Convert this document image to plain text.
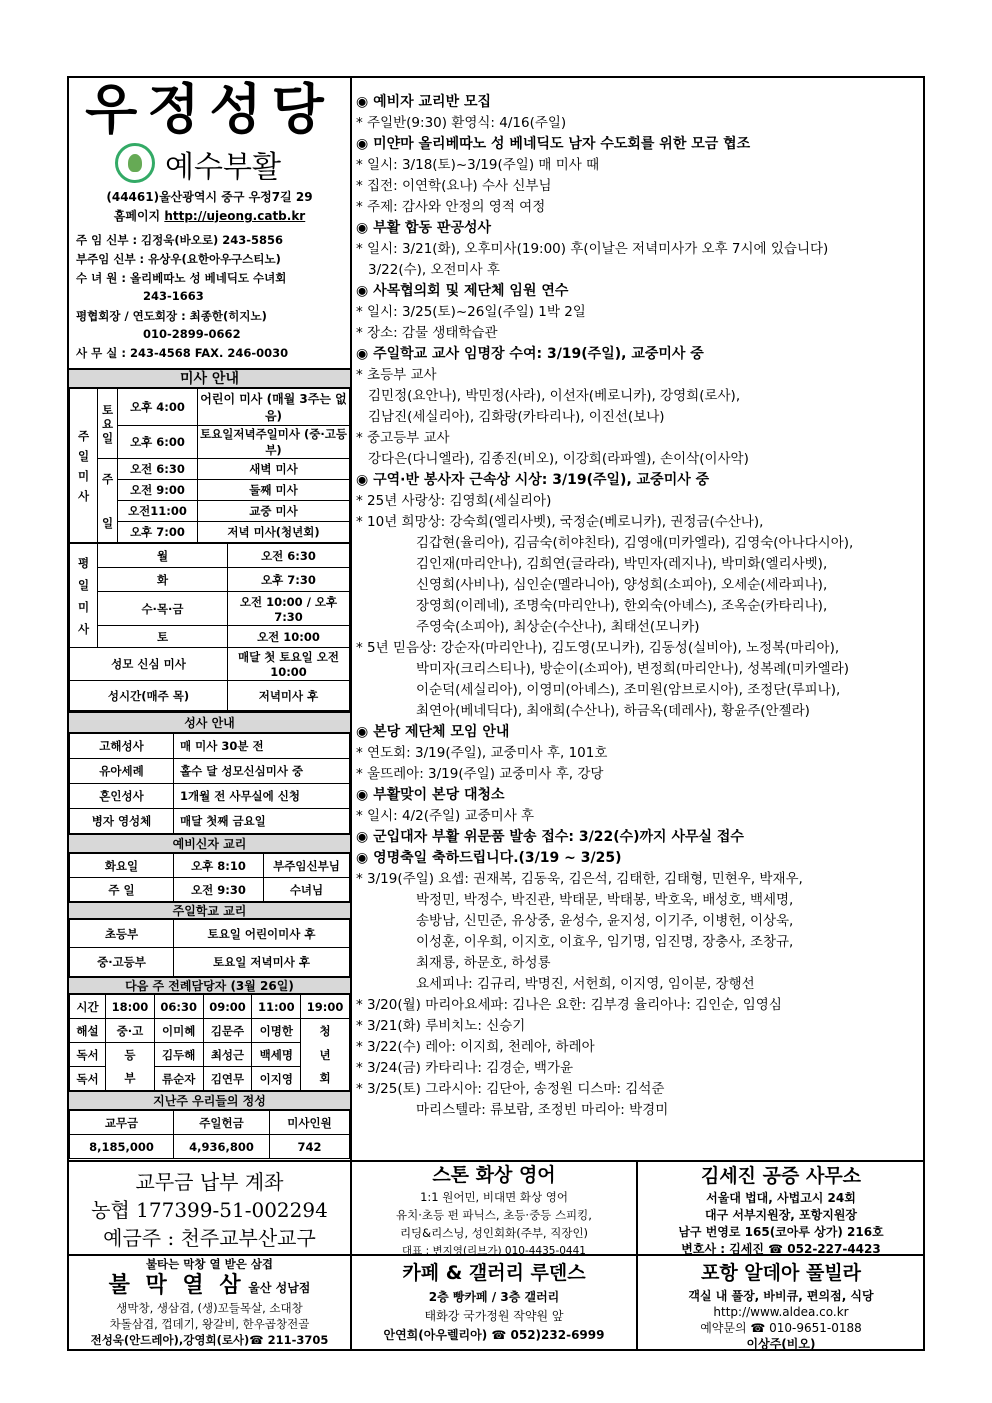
우정성당
예수부활
(44461)울산광역시 중구 우정7길 29
홈페이지 http://ujeong.catb.kr
주 임 신부 : 김정욱(바오로) 243-5856
부주임 신부 : 유상우(요한아우구스티노)
수 녀 원 : 올리베따노 성 베네딕도 수녀회
243-1663
평협회장 / 연도회장 : 최종한(히지노)
010-2899-0662
사 무 실 : 243-4568 FAX. 246-0030
미사 안내
주
일
미
사	토
요
일	오후 4:00	어린이 미사 (매월 3주는 없음)
		오후 6:00	토요일저녁주일미사 (중·고등부)
	주

일	오전 6:30	새벽 미사
		오전 9:00	둘째 미사
		오전11:00	교중 미사
		오후 7:00	저녁 미사(청년회)
평
일
미
사	월	오전 6:30
	화	오후 7:30
	수·목·금	오전 10:00 / 오후 7:30
	토	오전 10:00
성모 신심 미사	매달 첫 토요일 오전 10:00
성시간(매주 목)	저녁미사 후
성사 안내
고해성사	매 미사 30분 전
유아세례	홀수 달 성모신심미사 중
혼인성사	1개월 전 사무실에 신청
병자 영성체	매달 첫째 금요일
예비신자 교리
화요일	오후 8:10	부주임신부님
주 일	오전 9:30	수녀님
주일학교 교리
초등부	토요일 어린이미사 후
중·고등부	토요일 저녁미사 후
다음 주 전례담당자 (3월 26일)
시간	18:00	06:30	09:00	11:00	19:00
해설	중·고	이미혜	김문주	이명한	청
독서	등	김두해	최성근	백세명	년
독서	부	류순자	김연무	이지영	회
지난주 우리들의 정성
교무금	주일헌금	미사인원
8,185,000	4,936,800	742
◉ 예비자 교리반 모집
* 주일반(9:30) 환영식: 4/16(주일)
◉ 미얀마 올리베따노 성 베네딕도 남자 수도회를 위한 모금 협조
* 일시: 3/18(토)~3/19(주일) 매 미사 때
* 집전: 이연학(요나) 수사 신부님
* 주제: 감사와 안정의 영적 여정
◉ 부활 합동 판공성사
* 일시: 3/21(화), 오후미사(19:00) 후(이날은 저녁미사가 오후 7시에 있습니다)
3/22(수), 오전미사 후
◉ 사목협의회 및 제단체 임원 연수
* 일시: 3/25(토)~26일(주일) 1박 2일
* 장소: 감물 생태학습관
◉ 주일학교 교사 임명장 수여: 3/19(주일), 교중미사 중
* 초등부 교사
김민정(요안나), 박민정(사라), 이선자(베로니카), 강영희(로사),
김남진(세실리아), 김화랑(카타리나), 이진선(보나)
* 중고등부 교사
강다은(다니엘라), 김종진(비오), 이강희(라파엘), 손이삭(이사악)
◉ 구역·반 봉사자 근속상 시상: 3/19(주일), 교중미사 중
* 25년 사랑상: 김영희(세실리아)
* 10년 희망상: 강숙희(엘리사벳), 국정순(베로니카), 권정금(수산나),
김갑현(율리아), 김금숙(히야친타), 김영애(미카엘라), 김영숙(아나다시아),
김인재(마리안나), 김희연(글라라), 박민자(레지나), 박미화(엘리사벳),
신영희(사비나), 심인순(멜라니아), 양성희(소피아), 오세순(세라피나),
장영희(이레네), 조명숙(마리안나), 한외숙(아녜스), 조옥순(카타리나),
주영숙(소피아), 최상순(수산나), 최태선(모니카)
* 5년 믿음상: 강순자(마리안나), 김도영(모니카), 김동성(실비아), 노정복(마리아),
박미자(크리스티나), 방순이(소피아), 변정희(마리안나), 성복례(미카엘라)
이순덕(세실리아), 이영미(아녜스), 조미원(암브로시아), 조정단(루피나),
최연아(베네딕다), 최애희(수산나), 하금옥(데레사), 황윤주(안젤라)
◉ 본당 제단체 모임 안내
* 연도회: 3/19(주일), 교중미사 후, 101호
* 울뜨레아: 3/19(주일) 교중미사 후, 강당
◉ 부활맞이 본당 대청소
* 일시: 4/2(주일) 교중미사 후
◉ 군입대자 부활 위문품 발송 접수: 3/22(수)까지 사무실 접수
◉ 영명축일 축하드립니다.(3/19 ~ 3/25)
* 3/19(주일) 요셉: 권재복, 김동욱, 김은석, 김태한, 김태형, 민현우, 박재우,
박정민, 박정수, 박진관, 박태문, 박태봉, 박호욱, 배성호, 백세명,
송방남, 신민준, 유상중, 윤성수, 윤지성, 이기주, 이병헌, 이상욱,
이성훈, 이우희, 이지호, 이효우, 임기명, 임진명, 장충사, 조창규,
최재룡, 하문호, 하성룡
요세피나: 김규리, 박명진, 서헌희, 이지영, 임이분, 장행선
* 3/20(월) 마리아요세파: 김나은 요한: 김부경 율리아나: 김인순, 임영심
* 3/21(화) 루비치노: 신승기
* 3/22(수) 레아: 이지희, 천레아, 하레아
* 3/24(금) 카타리나: 김경순, 백가윤
* 3/25(토) 그라시아: 김단아, 송정원 디스마: 김석준
마리스텔라: 류보람, 조정빈 마리아: 박경미
교무금 납부 계좌
농협 177399-51-002294
예금주 : 천주교부산교구
스톤 화상 영어
1:1 원어민, 비대면 화상 영어
유치·초등 펀 파닉스, 초등·중등 스피킹,
리딩&리스닝, 성인회화(주부, 직장인)
대표 : 변지영(리브가) 010-4435-0441
김세진 공증 사무소
서울대 법대, 사법고시 24회
대구 서부지원장, 포항지원장
남구 번영로 165(코아루 상가) 216호
변호사 : 김세진 ☎ 052-227-4423
불타는 막창 열 받은 삼겹
불 막 열 삼 울산 성남점
생막창, 생삼겹, (생)꼬들목살, 소대창
차돌삼겹, 껍데기, 왕갈비, 한우곱창전골
전성욱(안드레아),강영희(로사)☎ 211-3705
카페 & 갤러리 루덴스
2층 빵카페 / 3층 갤러리
태화강 국가정원 작약원 앞
안연희(아우렐리아) ☎ 052)232-6999
포항 알데아 풀빌라
객실 내 풀장, 바비큐, 편의점, 식당
http://www.aldea.co.kr
예약문의 ☎ 010-9651-0188
이상주(비오)
